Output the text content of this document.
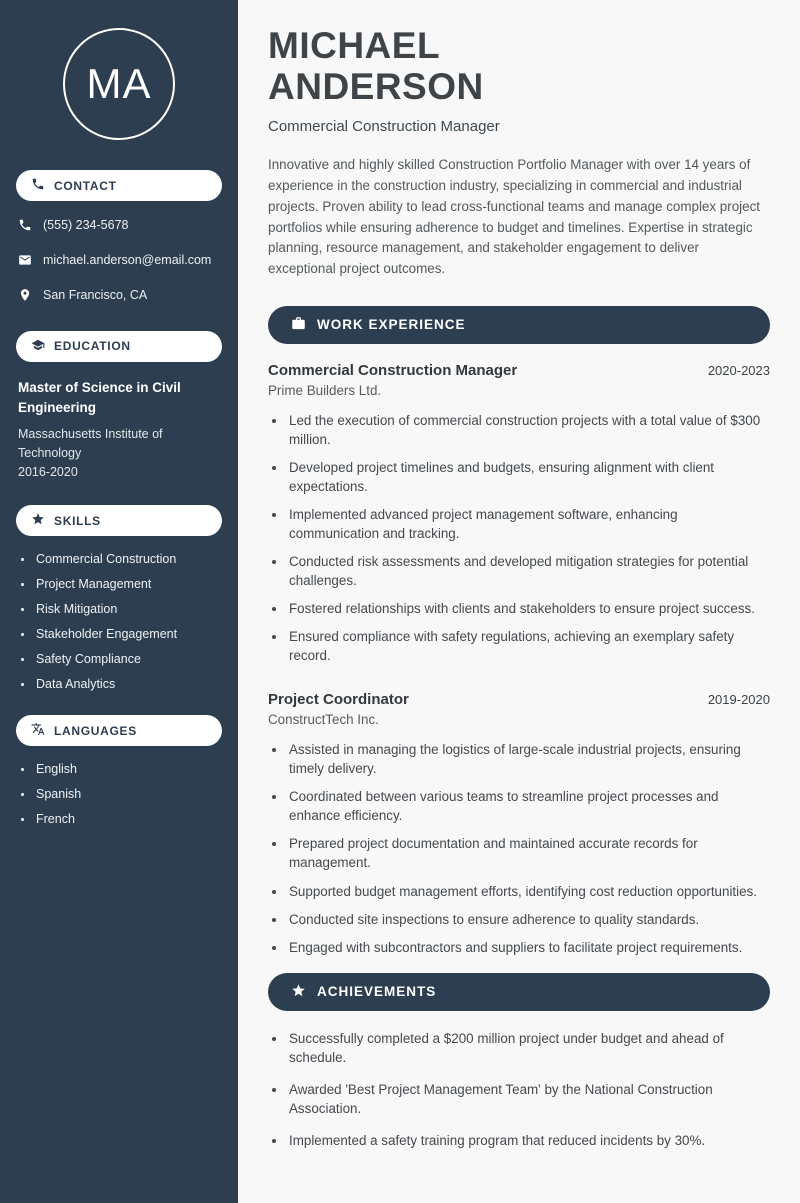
MA
CONTACT
(555) 234-5678
michael.anderson@email.com
San Francisco, CA
EDUCATION
Master of Science in Civil Engineering
Massachusetts Institute of Technology
2016-2020
SKILLS
• Commercial Construction
• Project Management
• Risk Mitigation
• Stakeholder Engagement
• Safety Compliance
• Data Analytics
LANGUAGES
• English
• Spanish
• French
MICHAEL
ANDERSON
Commercial Construction Manager

Innovative and highly skilled Construction Portfolio Manager with over 14 years of experience in the construction industry, specializing in commercial and industrial projects. Proven ability to lead cross-functional teams and manage complex project portfolios while ensuring adherence to budget and timelines. Expertise in strategic planning, resource management, and stakeholder engagement to deliver exceptional project outcomes.

WORK EXPERIENCE
Commercial Construction Manager	2020-2023
Prime Builders Ltd.
• Led the execution of commercial construction projects with a total value of $300 million.
• Developed project timelines and budgets, ensuring alignment with client expectations.
• Implemented advanced project management software, enhancing communication and tracking.
• Conducted risk assessments and developed mitigation strategies for potential challenges.
• Fostered relationships with clients and stakeholders to ensure project success.
• Ensured compliance with safety regulations, achieving an exemplary safety record.
Project Coordinator	2019-2020
ConstructTech Inc.
• Assisted in managing the logistics of large-scale industrial projects, ensuring timely delivery.
• Coordinated between various teams to streamline project processes and enhance efficiency.
• Prepared project documentation and maintained accurate records for management.
• Supported budget management efforts, identifying cost reduction opportunities.
• Conducted site inspections to ensure adherence to quality standards.
• Engaged with subcontractors and suppliers to facilitate project requirements.
ACHIEVEMENTS
• Successfully completed a $200 million project under budget and ahead of schedule.
• Awarded 'Best Project Management Team' by the National Construction Association.
• Implemented a safety training program that reduced incidents by 30%.
